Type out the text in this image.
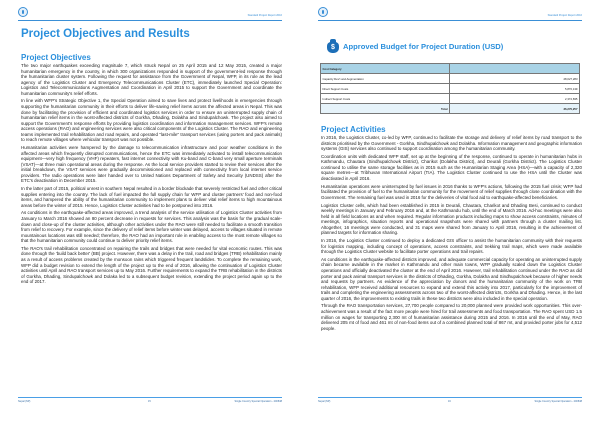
Standard Project Report 2016
Project Objectives and Results
Project Objectives

The two major earthquakes exceeding magnitude 7, which struck Nepal on 25 April 2015 and 12 May 2015, created a major humanitarian emergency in the country, in which 300 organizations responded in support of the government-led response through the humanitarian cluster system. Following the request for assistance from the Government of Nepal, WFP, in its role as the lead agency of the Logistics Cluster and Emergency Telecommunications Cluster (ETC), immediately launched Special Operation: Logistics and Telecommunications Augmentation and Coordination in April 2015 to support the Government and coordinate the humanitarian community's relief efforts.

In line with WFP's Strategic Objective 1, the Special Operation aimed to save lives and protect livelihoods in emergencies through supporting the humanitarian community in their efforts to deliver life-saving relief items across the affected areas in Nepal. This was done by facilitating the provision of efficient and coordinated logistics services in order to ensure an uninterrupted supply chain of humanitarian relief items in the worst-affected districts of Gorkha, Dhading, Dolakha and Sindupalchowk. The project also aimed to support the Government's response efforts by providing logistics coordination and information management services. WFP's remote access operations (RAO) and engineering services were also critical components of the Logistics Cluster. The RAO and engineering teams implemented trail rehabilitation and road repairs, and operated "last-mile" transport services (using porters and pack animals) to reach remote villages where vehicular transport was not possible.

Humanitarian activities were hampered by the damage to telecommunication infrastructure and poor weather conditions in the affected areas which frequently disrupted communications, hence the ETC was immediately activated to install telecommunication equipment—very high frequency (VHF) repeaters, fast internet connectivity with Ku-band and C-band very small aperture terminals (VSAT)—at three main operational areas during the response. As the local service providers started to revive their services after the initial breakdown, the VSAT services were gradually decommissioned and replaced with connectivity from local internet service providers. The radio operations were later handed over to United Nations Department of Safety and Security (UNDSS) after the ETC's deactivation in December 2015.

In the latter part of 2015, political unrest in southern Nepal resulted in a border blockade that severely restricted fuel and other critical supplies entering into the country. The lack of fuel impacted the full supply chain for WFP and cluster partners' food and non-food items, and hampered the ability of the humanitarian community to implement plans to deliver vital relief items to high mountainous areas before the winter of 2015. Hence, Logistics Cluster activities had to be postponed into 2016.

As conditions in the earthquake-affected areas improved, a trend analysis of the service utilisation of Logistics Cluster activities from January to March 2016 showed an 80 percent decrease in requests for services. This analysis was the basis for the gradual scale-down and close-up of the cluster activities, although other activities under the RAO were still needed to facilitate a smooth transition from relief to recovery. For example, since the delivery of relief items before winter was delayed, access to villages situated in remote mountainous locations was still needed; therefore, the RAO had an important role in enabling access to the most remote villages so that the humanitarian community could continue to deliver priority relief items.

The RAO's trail rehabilitation concentrated on repairing the trails and bridges that were needed for vital economic routes. This was done through the 'build back better' (BB) project. However, there was a delay in the trail, road and bridges (TRB) rehabilitation mainly as a result of access problems created by the monsoon rains which triggered frequent landslides. To complete the remaining work, WFP did a budget revision to extend the length of the project up to the end of 2016, allowing the continuation of Logistics Cluster activities until April and RAO transport services up to May 2016. Further requirements to expand the TRB rehabilitation in the districts of Gorkha, Dhading, Sindupalchowk and Dolaka led to a subsequent budget revision, extending the project period again up to the end of 2017.

Nepal (NP)	15	Single Country Special Operation - 200848
Standard Project Report 2016
Project Activities

In 2016, the Logistics Cluster, co-led by WFP, continued to facilitate the storage and delivery of relief items by road transport to the districts prioritised by the Government - Gorkha, Sindhupalchowk and Dolakha. Information management and geographic information systems (GIS) services also continued to support coordination among the humanitarian community.

Coordination units with dedicated WFP staff, set up at the beginning of the response, continued to operate in humanitarian hubs in Kathmandu, Chautara (Sindhupalchowk District), Charikot (Dolakha District), and Deurali (Gorkha District). The Logistics Cluster continued to utilise the same storage facilities as in 2015 such as the Humanitarian Staging Area (HSA)—with a capacity of 2,320 square metres—at Tribhuvan International Airport (TIA). The Logistics Cluster continued to use the HSA until the Cluster was deactivated in April 2016.

Humanitarian operations were uninterrupted by fuel issues in 2016 thanks to WFP's actions, following the 2015 fuel crisis; WFP had facilitated the provision of fuel to the humanitarian community for the movement of relief supplies through close coordination with the Government. The remaining fuel was used in 2016 for the deliveries of vital food aid to earthquake-affected beneficiaries.

Logistics Cluster cells, which had been established in 2015 in Deurali, Chautara, Charikot and Dhading Besi, continued to conduct weekly meetings in January and February 2016 and, at the Kathmandu hub, until the end of March 2016. Ad-hoc meetings were also held in all field locations as and when required. Regular information products including maps to show access constraints, minutes of meetings, infographics, situation reports and operational snapshots were shared with partners through a cluster mailing list. Altogether, 16 meetings were conducted, and 31 maps were shared from January to April 2016, resulting in the achievement of planned targets for information sharing.

In 2016, the Logistics Cluster continued to deploy a dedicated GIS officer to assist the humanitarian community with their requests for logistics mapping, including concept of operations, access constraints, and trekking trail maps, which were made available through the Logistics Cluster website to facilitate porter operations and trail repairs.

As conditions in the earthquake-affected districts improved, and adequate commercial capacity for operating an uninterrupted supply chain became available in the market in Kathmandu and other main towns, WFP gradually scaled down the Logistics Cluster operations and officially deactivated the cluster at the end of April 2016. However, trail rehabilitation continued under the RAO as did porter and pack animal transport services in the districts of Dhading, Gorkha, Dolakha and Sindhupalchowk because of higher needs and requests by partners. As evidence of the appreciation by donors and the humanitarian community of the work on TRB rehabilitation, WFP received additional resources to expand and extend this activity into 2017, particularly for the improvement of trails and completing the engineering assessments across two of the worst-affected districts, Gorkha and Dhading. Hence, in the last quarter of 2016, the improvements to existing trails in these two districts were also included in the special operation.

Through the RAO transportation services, 27,700 people compared to 20,000 planned were provided work opportunities. This over-achievement was a result of the fact more people were hired for trail assessments and food transportation. The RAO spent USD 1.5 million on wages for transporting 2,300 mt of humanitarian assistance during 2015 and 2016. In 2016 until the end of May, RAO delivered 205 mt of food and 461 mt of non-food items out of a combined planned total of 867 mt, and provided porter jobs for 4,512 people.

Nepal (NP)	16	Single Country Special Operation - 200848
$	Approved Budget for Project Duration (USD)
Cost Category	
Capacity Dev't and Augmentation	28,027,283
Direct Support Costs	5,870,139
Indirect Support Costs	2,372,835
Total	36,270,257
